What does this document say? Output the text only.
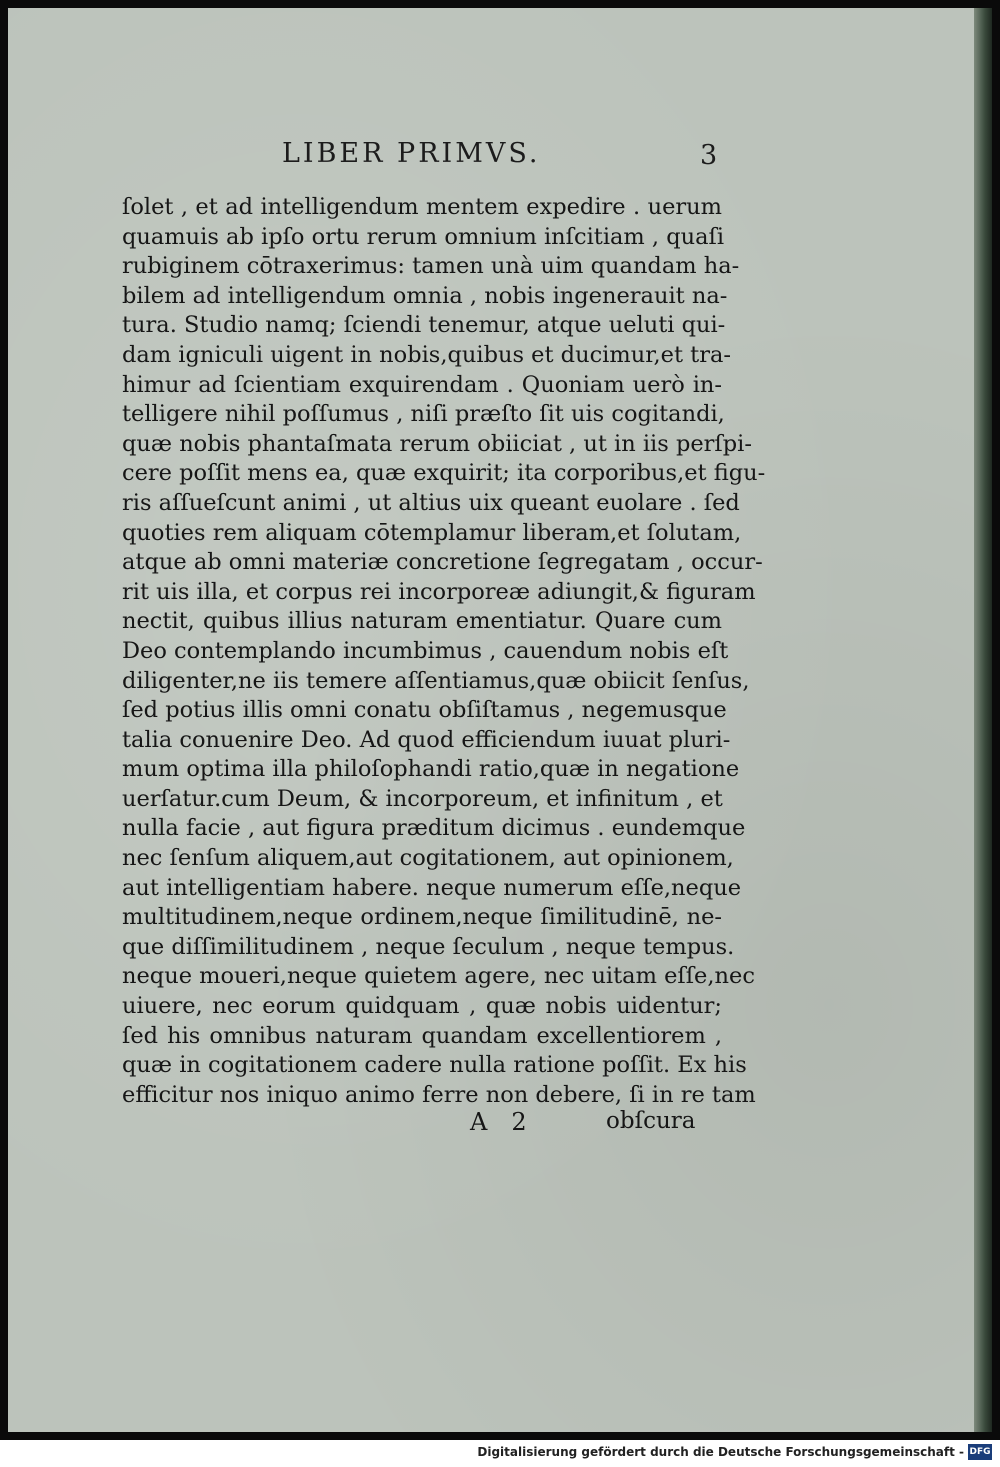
LIBER PRIMVS.	3
ſolet , et ad intelligendum mentem expedire . uerum
quamuis ab ipſo ortu rerum omnium inſcitiam , quaſi
rubiginem cōtraxerimus: tamen unà uim quandam ha-
bilem ad intelligendum omnia , nobis ingenerauit na-
tura. Studio namq; ſciendi tenemur, atque ueluti qui-
dam igniculi uigent in nobis,quibus et ducimur,et tra-
himur ad ſcientiam exquirendam . Quoniam uerò in-
telligere nihil poſſumus , niſi præſto ſit uis cogitandi,
quæ nobis phantaſmata rerum obiiciat , ut in iis perſpi-
cere poſſit mens ea, quæ exquirit; ita corporibus,et figu-
ris aſſueſcunt animi , ut altius uix queant euolare . ſed
quoties rem aliquam cōtemplamur liberam,et ſolutam,
atque ab omni materiæ concretione ſegregatam , occur-
rit uis illa, et corpus rei incorporeæ adiungit,& figuram
nectit, quibus illius naturam ementiatur. Quare cum
Deo contemplando incumbimus , cauendum nobis eſt
diligenter,ne iis temere aſſentiamus,quæ obiicit ſenſus,
ſed potius illis omni conatu obſiſtamus , negemusque
talia conuenire Deo. Ad quod efficiendum iuuat pluri-
mum optima illa philoſophandi ratio,quæ in negatione
uerſatur.cum Deum, & incorporeum, et infinitum , et
nulla facie , aut figura præditum dicimus . eundemque
nec ſenſum aliquem,aut cogitationem, aut opinionem,
aut intelligentiam habere. neque numerum eſſe,neque
multitudinem,neque ordinem,neque ſimilitudinē, ne-
que diſſimilitudinem , neque ſeculum , neque tempus.
neque moueri,neque quietem agere, nec uitam eſſe,nec
uiuere, nec eorum quidquam , quæ nobis uidentur;
ſed his omnibus naturam quandam excellentiorem ,
quæ in cogitationem cadere nulla ratione poſſit. Ex his
efficitur nos iniquo animo ferre non debere, ſi in re tam
A 2	obſcura
Digitalisierung gefördert durch die Deutsche Forschungsgemeinschaft - DFG
